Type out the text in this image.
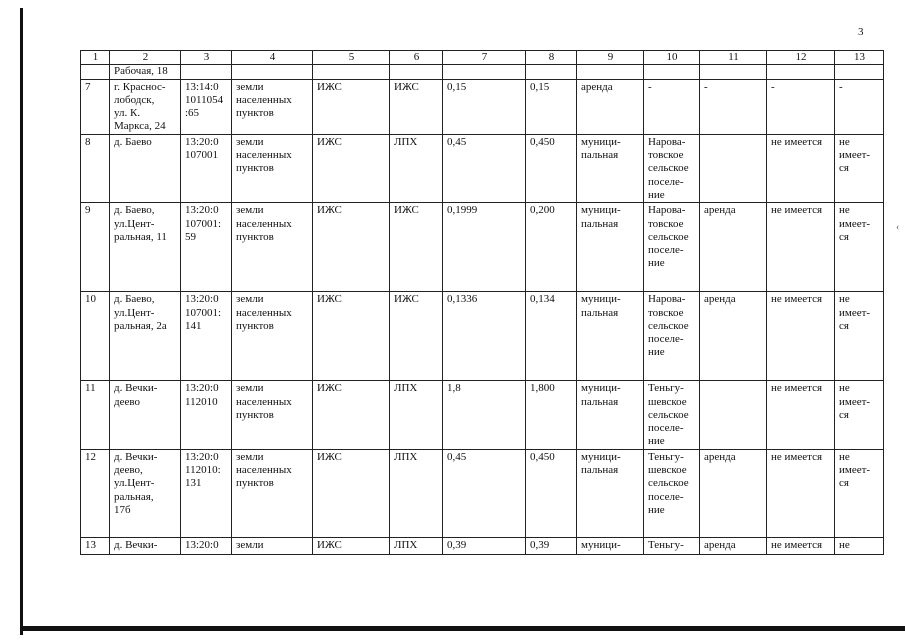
3
‹
1	2	3	4	5	6	7	8	9	10	11	12	13
	Рабочая, 18											
7	г. Краснос-
лободск,
ул. К.
Маркса, 24	13:14:0
1011054
:65	земли
населенных
пунктов	ИЖС	ИЖС	0,15	0,15	аренда	-	-	-	-
8	д. Баево	13:20:0
107001	земли
населенных
пунктов	ИЖС	ЛПХ	0,45	0,450	муници-
пальная	Нарова-
товское
сельское
поселе-
ние		не имеется	не
имеет-
ся
9	д. Баево,
ул.Цент-
ральная, 11	13:20:0
107001:
59	земли
населенных
пунктов	ИЖС	ИЖС	0,1999	0,200	муници-
пальная	Нарова-
товское
сельское
поселе-
ние	аренда	не имеется	не
имеет-
ся
10	д. Баево,
ул.Цент-
ральная, 2а	13:20:0
107001:
141	земли
населенных
пунктов	ИЖС	ИЖС	0,1336	0,134	муници-
пальная	Нарова-
товское
сельское
поселе-
ние	аренда	не имеется	не
имеет-
ся
11	д. Вечки-
деево	13:20:0
112010	земли
населенных
пунктов	ИЖС	ЛПХ	1,8	1,800	муници-
пальная	Теньгу-
шевское
сельское
поселе-
ние		не имеется	не
имеет-
ся
12	д. Вечки-
деево,
ул.Цент-
ральная,
17б	13:20:0
112010:
131	земли
населенных
пунктов	ИЖС	ЛПХ	0,45	0,450	муници-
пальная	Теньгу-
шевское
сельское
поселе-
ние	аренда	не имеется	не
имеет-
ся
13	д. Вечки-	13:20:0	земли	ИЖС	ЛПХ	0,39	0,39	муници-	Теньгу-	аренда	не имеется	не
